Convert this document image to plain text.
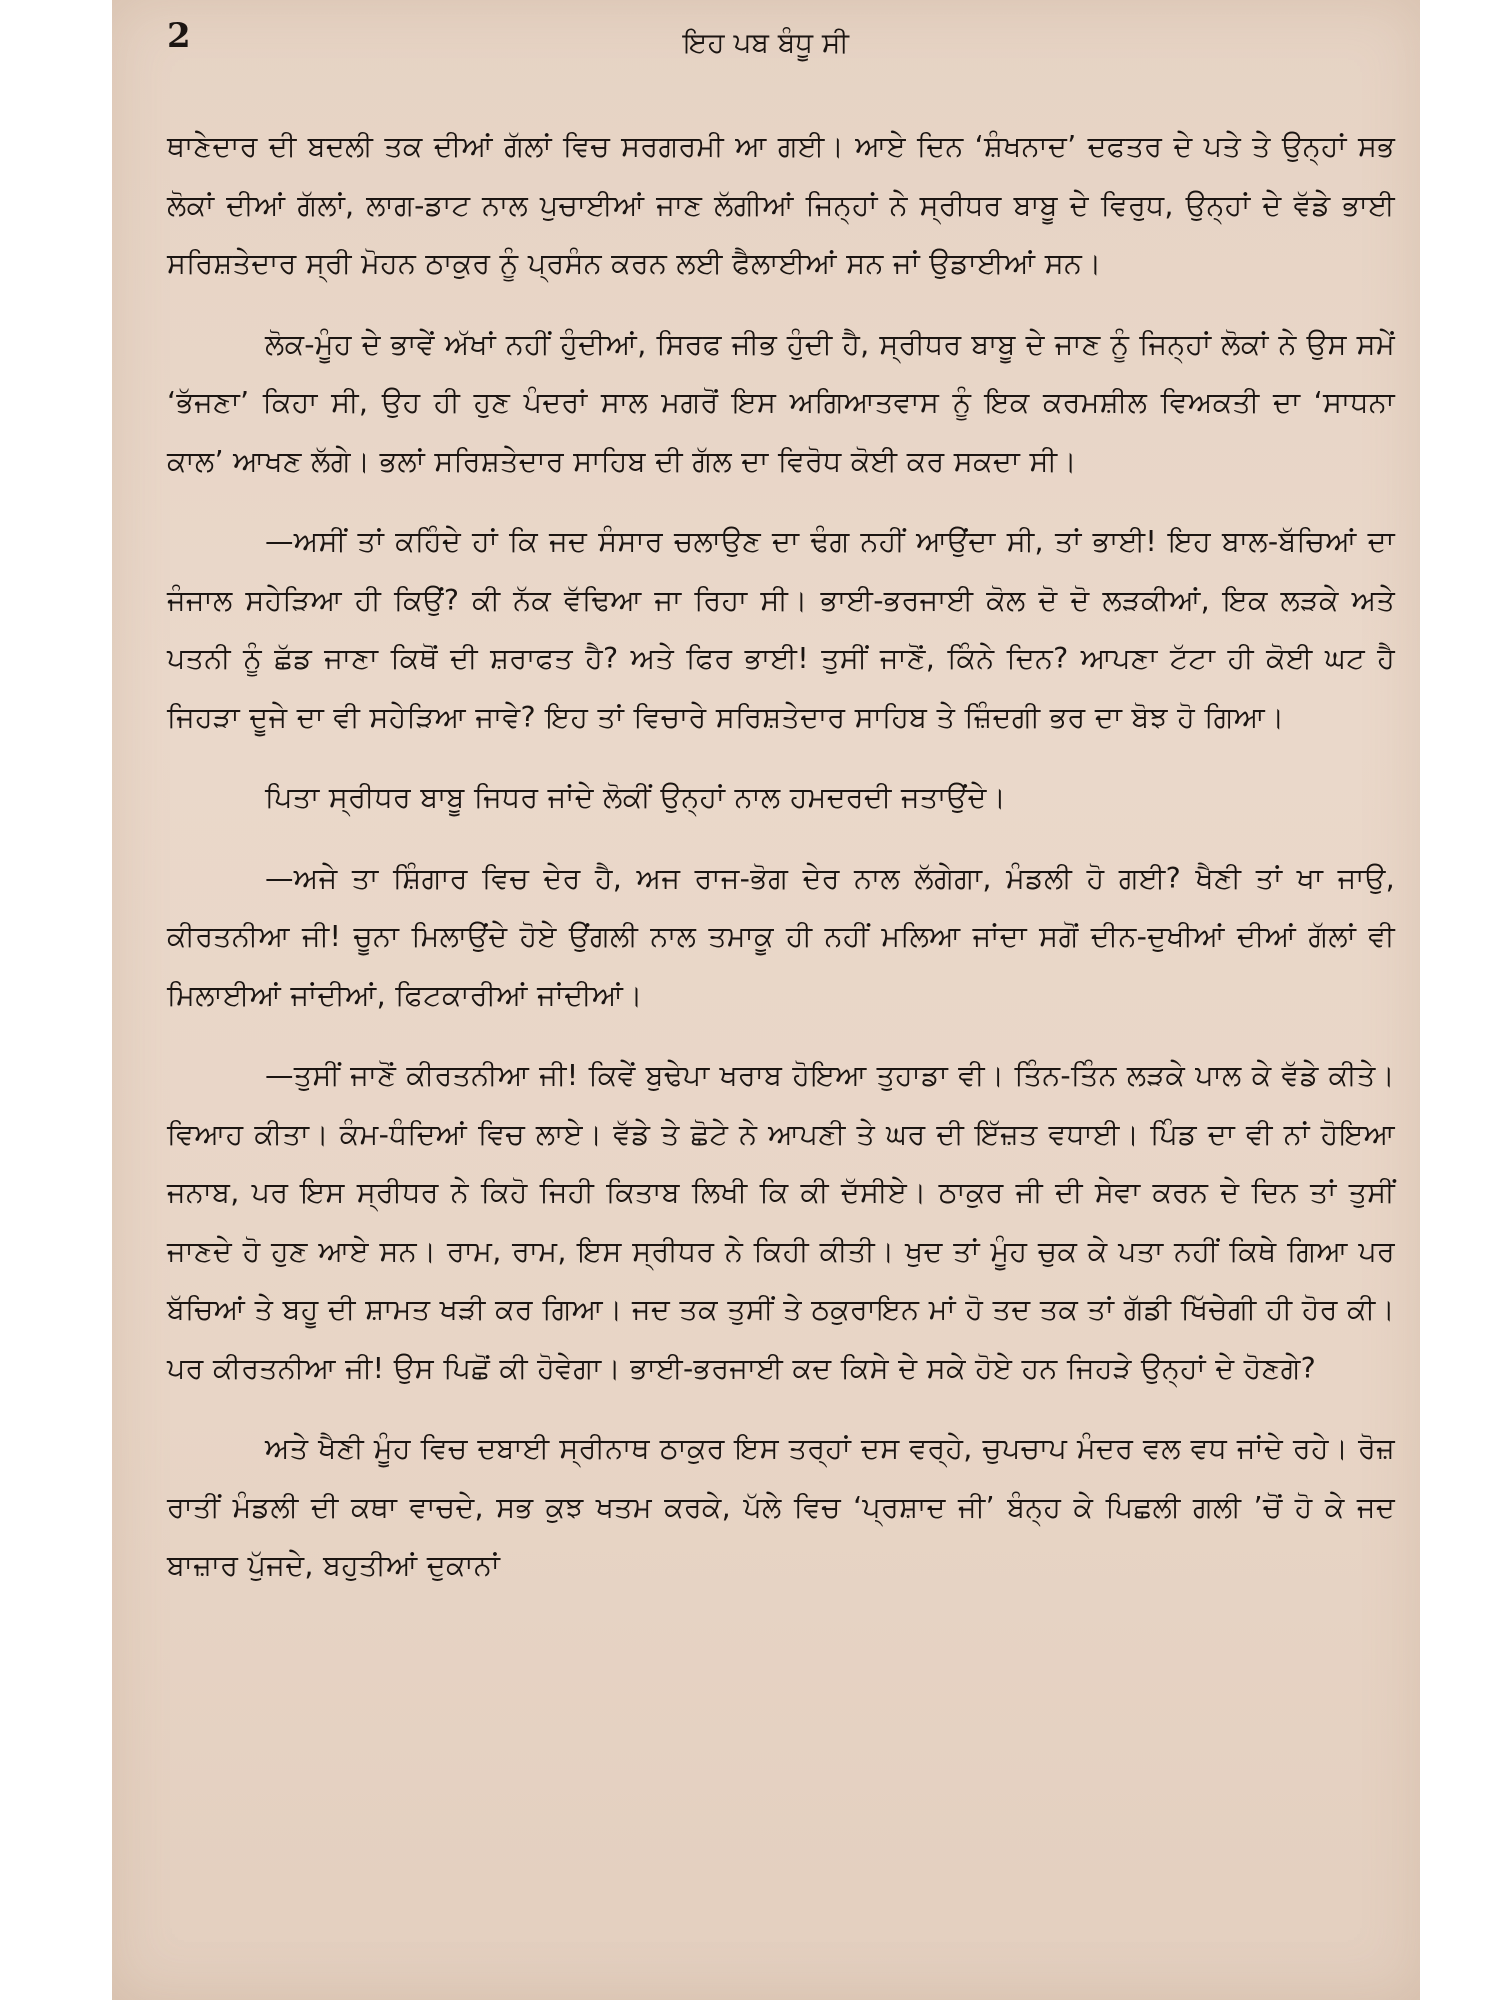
2	ਇਹ ਪਬ ਬੰਧੂ ਸੀ

ਥਾਣੇਦਾਰ ਦੀ ਬਦਲੀ ਤਕ ਦੀਆਂ ਗੱਲਾਂ ਵਿਚ ਸਰਗਰਮੀ ਆ ਗਈ। ਆਏ ਦਿਨ ‘ਸ਼ੰਖਨਾਦ’ ਦਫਤਰ ਦੇ ਪਤੇ ਤੇ ਉਨ੍ਹਾਂ ਸਭ ਲੋਕਾਂ ਦੀਆਂ ਗੱਲਾਂ, ਲਾਗ-ਡਾਟ ਨਾਲ ਪੁਚਾਈਆਂ ਜਾਣ ਲੱਗੀਆਂ ਜਿਨ੍ਹਾਂ ਨੇ ਸ੍ਰੀਧਰ ਬਾਬੂ ਦੇ ਵਿਰੁਧ, ਉਨ੍ਹਾਂ ਦੇ ਵੱਡੇ ਭਾਈ ਸਰਿਸ਼ਤੇਦਾਰ ਸ੍ਰੀ ਮੋਹਨ ਠਾਕੁਰ ਨੂੰ ਪ੍ਰਸੰਨ ਕਰਨ ਲਈ ਫੈਲਾਈਆਂ ਸਨ ਜਾਂ ਉਡਾਈਆਂ ਸਨ।

ਲੋਕ-ਮੂੰਹ ਦੇ ਭਾਵੇਂ ਅੱਖਾਂ ਨਹੀਂ ਹੁੰਦੀਆਂ, ਸਿਰਫ ਜੀਭ ਹੁੰਦੀ ਹੈ, ਸ੍ਰੀਧਰ ਬਾਬੂ ਦੇ ਜਾਣ ਨੂੰ ਜਿਨ੍ਹਾਂ ਲੋਕਾਂ ਨੇ ਉਸ ਸਮੇਂ ‘ਭੱਜਣਾ’ ਕਿਹਾ ਸੀ, ਉਹ ਹੀ ਹੁਣ ਪੰਦਰਾਂ ਸਾਲ ਮਗਰੋਂ ਇਸ ਅਗਿਆਤਵਾਸ ਨੂੰ ਇਕ ਕਰਮਸ਼ੀਲ ਵਿਅਕਤੀ ਦਾ ‘ਸਾਧਨਾ ਕਾਲ’ ਆਖਣ ਲੱਗੇ। ਭਲਾਂ ਸਰਿਸ਼ਤੇਦਾਰ ਸਾਹਿਬ ਦੀ ਗੱਲ ਦਾ ਵਿਰੋਧ ਕੋਈ ਕਰ ਸਕਦਾ ਸੀ।

—ਅਸੀਂ ਤਾਂ ਕਹਿੰਦੇ ਹਾਂ ਕਿ ਜਦ ਸੰਸਾਰ ਚਲਾਉਣ ਦਾ ਢੰਗ ਨਹੀਂ ਆਉਂਦਾ ਸੀ, ਤਾਂ ਭਾਈ! ਇਹ ਬਾਲ-ਬੱਚਿਆਂ ਦਾ ਜੰਜਾਲ ਸਹੇੜਿਆ ਹੀ ਕਿਉਂ? ਕੀ ਨੱਕ ਵੱਢਿਆ ਜਾ ਰਿਹਾ ਸੀ। ਭਾਈ-ਭਰਜਾਈ ਕੋਲ ਦੋ ਦੋ ਲੜਕੀਆਂ, ਇਕ ਲੜਕੇ ਅਤੇ ਪਤਨੀ ਨੂੰ ਛੱਡ ਜਾਣਾ ਕਿਥੋਂ ਦੀ ਸ਼ਰਾਫਤ ਹੈ? ਅਤੇ ਫਿਰ ਭਾਈ! ਤੁਸੀਂ ਜਾਣੋਂ, ਕਿੰਨੇ ਦਿਨ? ਆਪਣਾ ਟੱਟਾ ਹੀ ਕੋਈ ਘਟ ਹੈ ਜਿਹੜਾ ਦੂਜੇ ਦਾ ਵੀ ਸਹੇੜਿਆ ਜਾਵੇ? ਇਹ ਤਾਂ ਵਿਚਾਰੇ ਸਰਿਸ਼ਤੇਦਾਰ ਸਾਹਿਬ ਤੇ ਜ਼ਿੰਦਗੀ ਭਰ ਦਾ ਬੋਝ ਹੋ ਗਿਆ।

ਪਿਤਾ ਸ੍ਰੀਧਰ ਬਾਬੂ ਜਿਧਰ ਜਾਂਦੇ ਲੋਕੀਂ ਉਨ੍ਹਾਂ ਨਾਲ ਹਮਦਰਦੀ ਜਤਾਉਂਦੇ।

—ਅਜੇ ਤਾ ਸ਼ਿੰਗਾਰ ਵਿਚ ਦੇਰ ਹੈ, ਅਜ ਰਾਜ-ਭੋਗ ਦੇਰ ਨਾਲ ਲੱਗੇਗਾ, ਮੰਡਲੀ ਹੋ ਗਈ? ਖੈਣੀ ਤਾਂ ਖਾ ਜਾਉ, ਕੀਰਤਨੀਆ ਜੀ! ਚੂਨਾ ਮਿਲਾਉਂਦੇ ਹੋਏ ਉਂਗਲੀ ਨਾਲ ਤਮਾਕੂ ਹੀ ਨਹੀਂ ਮਲਿਆ ਜਾਂਦਾ ਸਗੋਂ ਦੀਨ-ਦੁਖੀਆਂ ਦੀਆਂ ਗੱਲਾਂ ਵੀ ਮਿਲਾਈਆਂ ਜਾਂਦੀਆਂ, ਫਿਟਕਾਰੀਆਂ ਜਾਂਦੀਆਂ।

—ਤੁਸੀਂ ਜਾਣੋਂ ਕੀਰਤਨੀਆ ਜੀ! ਕਿਵੇਂ ਬੁਢੇਪਾ ਖਰਾਬ ਹੋਇਆ ਤੁਹਾਡਾ ਵੀ। ਤਿੰਨ-ਤਿੰਨ ਲੜਕੇ ਪਾਲ ਕੇ ਵੱਡੇ ਕੀਤੇ। ਵਿਆਹ ਕੀਤਾ। ਕੰਮ-ਧੰਦਿਆਂ ਵਿਚ ਲਾਏ। ਵੱਡੇ ਤੇ ਛੋਟੇ ਨੇ ਆਪਣੀ ਤੇ ਘਰ ਦੀ ਇੱਜ਼ਤ ਵਧਾਈ। ਪਿੰਡ ਦਾ ਵੀ ਨਾਂ ਹੋਇਆ ਜਨਾਬ, ਪਰ ਇਸ ਸ੍ਰੀਧਰ ਨੇ ਕਿਹੋ ਜਿਹੀ ਕਿਤਾਬ ਲਿਖੀ ਕਿ ਕੀ ਦੱਸੀਏ। ਠਾਕੁਰ ਜੀ ਦੀ ਸੇਵਾ ਕਰਨ ਦੇ ਦਿਨ ਤਾਂ ਤੁਸੀਂ ਜਾਣਦੇ ਹੋ ਹੁਣ ਆਏ ਸਨ। ਰਾਮ, ਰਾਮ, ਇਸ ਸ੍ਰੀਧਰ ਨੇ ਕਿਹੀ ਕੀਤੀ। ਖੁਦ ਤਾਂ ਮੂੰਹ ਚੁਕ ਕੇ ਪਤਾ ਨਹੀਂ ਕਿਥੇ ਗਿਆ ਪਰ ਬੱਚਿਆਂ ਤੇ ਬਹੂ ਦੀ ਸ਼ਾਮਤ ਖੜੀ ਕਰ ਗਿਆ। ਜਦ ਤਕ ਤੁਸੀਂ ਤੇ ਠਕੁਰਾਇਨ ਮਾਂ ਹੋ ਤਦ ਤਕ ਤਾਂ ਗੱਡੀ ਖਿੱਚੇਗੀ ਹੀ ਹੋਰ ਕੀ। ਪਰ ਕੀਰਤਨੀਆ ਜੀ! ਉਸ ਪਿਛੋਂ ਕੀ ਹੋਵੇਗਾ। ਭਾਈ-ਭਰਜਾਈ ਕਦ ਕਿਸੇ ਦੇ ਸਕੇ ਹੋਏ ਹਨ ਜਿਹੜੇ ਉਨ੍ਹਾਂ ਦੇ ਹੋਣਗੇ?

ਅਤੇ ਖੈਣੀ ਮੂੰਹ ਵਿਚ ਦਬਾਈ ਸ੍ਰੀਨਾਥ ਠਾਕੁਰ ਇਸ ਤਰ੍ਹਾਂ ਦਸ ਵਰ੍ਹੇ, ਚੁਪਚਾਪ ਮੰਦਰ ਵਲ ਵਧ ਜਾਂਦੇ ਰਹੇ। ਰੋਜ਼ ਰਾਤੀਂ ਮੰਡਲੀ ਦੀ ਕਥਾ ਵਾਚਦੇ, ਸਭ ਕੁਝ ਖਤਮ ਕਰਕੇ, ਪੱਲੇ ਵਿਚ ‘ਪ੍ਰਸ਼ਾਦ ਜੀ’ ਬੰਨ੍ਹ ਕੇ ਪਿਛਲੀ ਗਲੀ ’ਚੋਂ ਹੋ ਕੇ ਜਦ ਬਾਜ਼ਾਰ ਪੁੱਜਦੇ, ਬਹੁਤੀਆਂ ਦੁਕਾਨਾਂ
